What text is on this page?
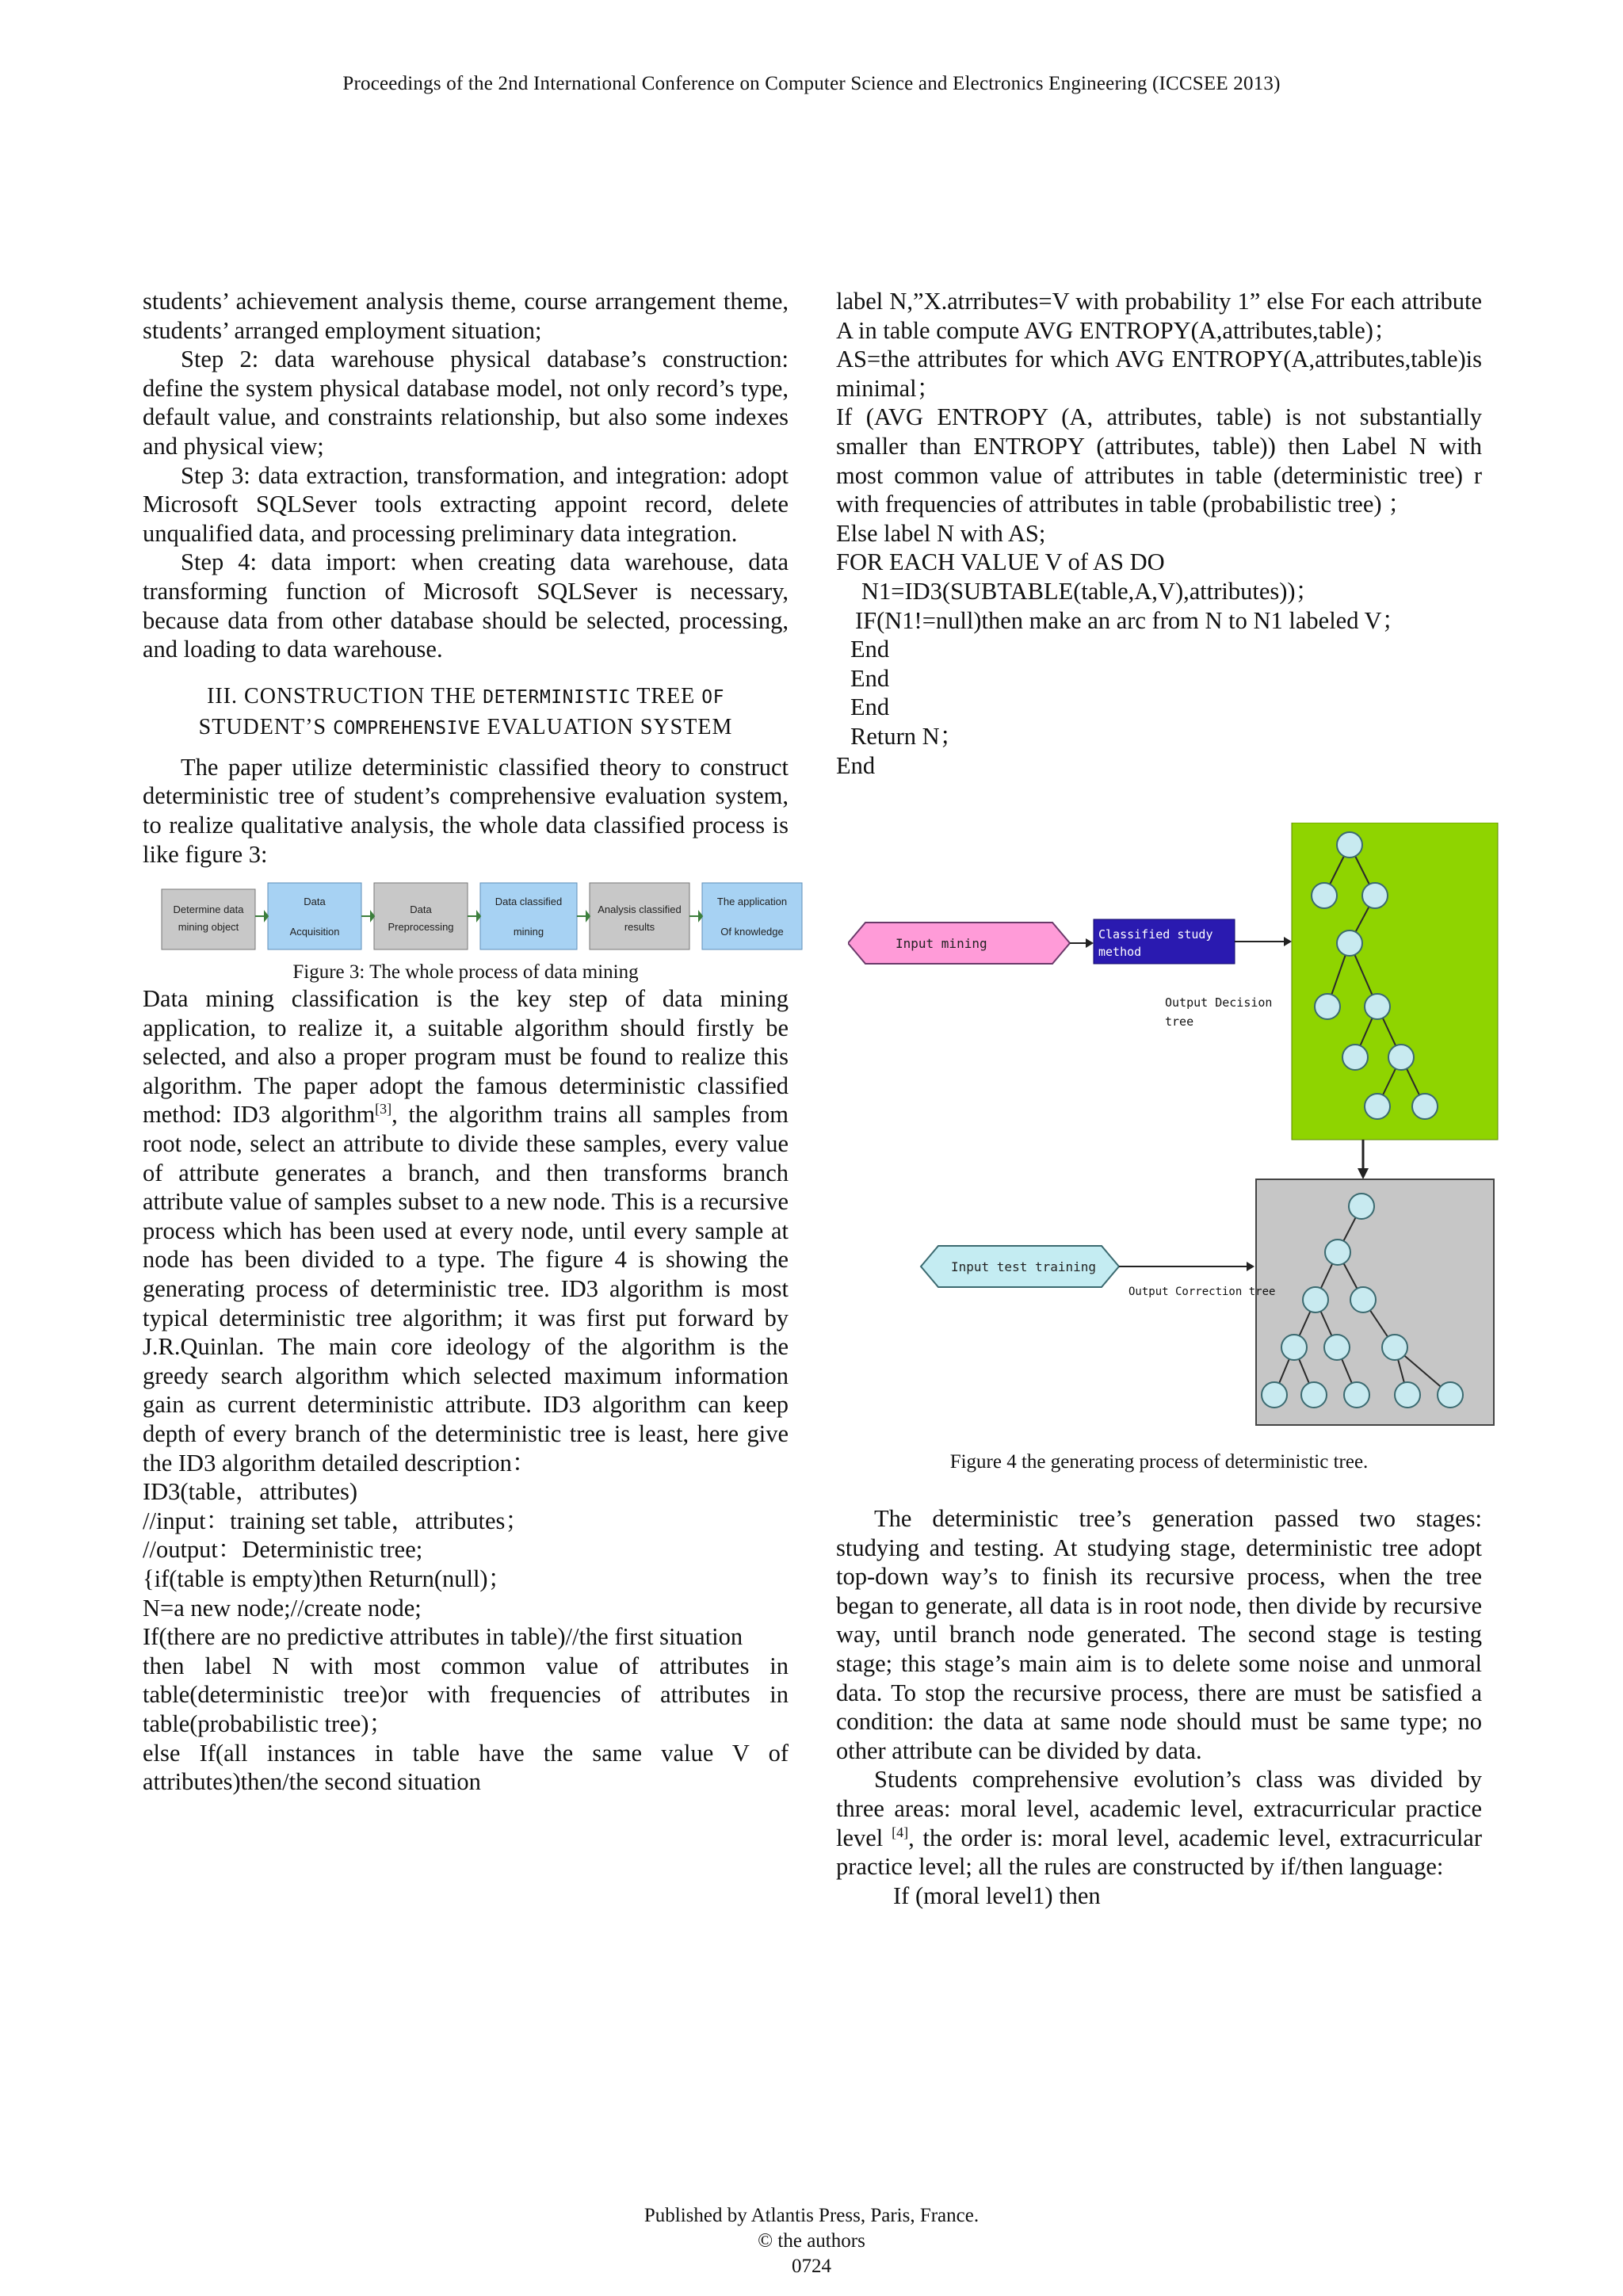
Proceedings of the 2nd International Conference on Computer Science and Electronics Engineering (ICCSEE 2013)

students’ achievement analysis theme, course arrangement theme, students’ arranged employment situation;

Step 2: data warehouse physical database’s construction: define the system physical database model, not only record’s type, default value, and constraints relationship, but also some indexes and physical view;

Step 3: data extraction, transformation, and integration: adopt Microsoft SQLSever tools extracting appoint record, delete unqualified data, and processing preliminary data integration.

Step 4: data import: when creating data warehouse, data transforming function of Microsoft SQLSever is necessary, because data from other database should be selected, processing, and loading to data warehouse.

III. CONSTRUCTION THE DETERMINISTIC TREE OF
STUDENT’S COMPREHENSIVE EVALUATION SYSTEM

The paper utilize deterministic classified theory to construct deterministic tree of student’s comprehensive evaluation system, to realize qualitative analysis, the whole data classified process is like figure 3:

Determine data
mining object
Data
Acquisition
Data
Preprocessing
Data classified
mining
Analysis classified
results
The application
Of knowledge
Figure 3: The whole process of data mining

Data mining classification is the key step of data mining application, to realize it, a suitable algorithm should firstly be selected, and also a proper program must be found to realize this algorithm. The paper adopt the famous deterministic classified method: ID3 algorithm[3], the algorithm trains all samples from root node, select an attribute to divide these samples, every value of attribute generates a branch, and then transforms branch attribute value of samples subset to a new node. This is a recursive process which has been used at every node, until every sample at node has been divided to a type. The figure 4 is showing the generating process of deterministic tree. ID3 algorithm is most typical deterministic tree algorithm; it was first put forward by J.R.Quinlan. The main core ideology of the algorithm is the greedy search algorithm which selected maximum information gain as current deterministic attribute. ID3 algorithm can keep depth of every branch of the deterministic tree is least, here give the ID3 algorithm detailed description：

ID3(table，attributes)

//input：training set table，attributes；

//output：Deterministic tree;

{if(table is empty)then Return(null)；

N=a new node;//create node;

If(there are no predictive attributes in table)//the first situation

then label N with most common value of attributes in table(deterministic tree)or with frequencies of attributes in table(probabilistic tree)；

else If(all instances in table have the same value V of attributes)then/the second situation

label N,”X.atrributes=V with probability 1” else For each attribute A in table compute AVG ENTROPY(A,attributes,table)；

AS=the attributes for which AVG ENTROPY(A,attributes,table)is minimal；

If (AVG ENTROPY (A, attributes, table) is not substantially smaller than ENTROPY (attributes, table)) then Label N with most common value of attributes in table (deterministic tree) r with frequencies of attributes in table (probabilistic tree) ；

Else label N with AS;

FOR EACH VALUE V of AS DO

N1=ID3(SUBTABLE(table,A,V),attributes))；

IF(N1!=null)then make an arc from N to N1 labeled V；

End

End

End

Return N；

End

Input mining
Classified study
method
Output Decision
tree
Input test training
Output Correction tree
Figure 4 the generating process of deterministic tree.

The deterministic tree’s generation passed two stages: studying and testing. At studying stage, deterministic tree adopt top-down way’s to finish its recursive process, when the tree began to generate, all data is in root node, then divide by recursive way, until branch node generated. The second stage is testing stage; this stage’s main aim is to delete some noise and unmoral data. To stop the recursive process, there are must be satisfied a condition: the data at same node should must be same type; no other attribute can be divided by data.

Students comprehensive evolution’s class was divided by three areas: moral level, academic level, extracurricular practice level [4], the order is: moral level, academic level, extracurricular practice level; all the rules are constructed by if/then language:

If (moral level1) then

Published by Atlantis Press, Paris, France.
© the authors
0724
